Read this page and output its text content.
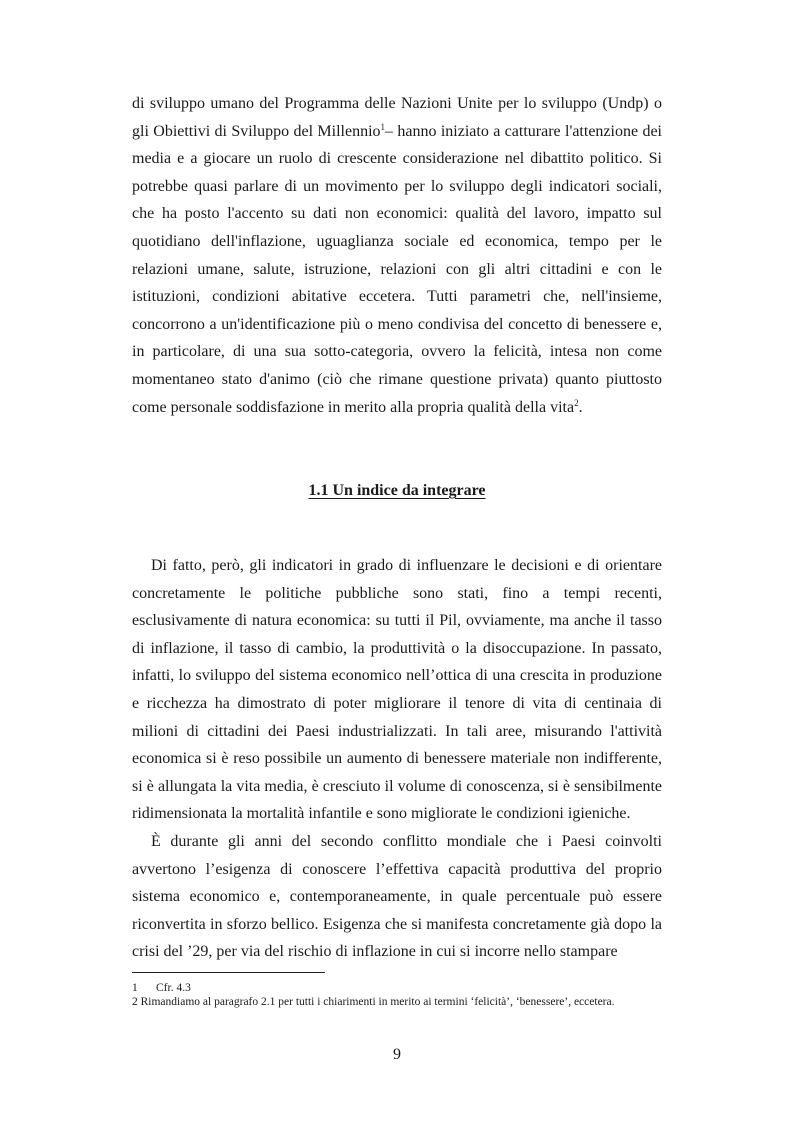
di sviluppo umano del Programma delle Nazioni Unite per lo sviluppo (Undp) o gli Obiettivi di Sviluppo del Millennio$^1$– hanno iniziato a catturare l'attenzione dei media e a giocare un ruolo di crescente considerazione nel dibattito politico. Si potrebbe quasi parlare di un movimento per lo sviluppo degli indicatori sociali, che ha posto l'accento su dati non economici: qualità del lavoro, impatto sul quotidiano dell'inflazione, uguaglianza sociale ed economica, tempo per le relazioni umane, salute, istruzione, relazioni con gli altri cittadini e con le istituzioni, condizioni abitative eccetera. Tutti parametri che, nell'insieme, concorrono a un'identificazione più o meno condivisa del concetto di benessere e, in particolare, di una sua sotto-categoria, ovvero la felicità, intesa non come momentaneo stato d'animo (ciò che rimane questione privata) quanto piuttosto come personale soddisfazione in merito alla propria qualità della vita$^2$.

1.1 Un indice da integrare

Di fatto, però, gli indicatori in grado di influenzare le decisioni e di orientare concretamente le politiche pubbliche sono stati, fino a tempi recenti, esclusivamente di natura economica: su tutti il Pil, ovviamente, ma anche il tasso di inflazione, il tasso di cambio, la produttività o la disoccupazione. In passato, infatti, lo sviluppo del sistema economico nell’ottica di una crescita in produzione e ricchezza ha dimostrato di poter migliorare il tenore di vita di centinaia di milioni di cittadini dei Paesi industrializzati. In tali aree, misurando l'attività economica si è reso possibile un aumento di benessere materiale non indifferente, si è allungata la vita media, è cresciuto il volume di conoscenza, si è sensibilmente ridimensionata la mortalità infantile e sono migliorate le condizioni igieniche.

È durante gli anni del secondo conflitto mondiale che i Paesi coinvolti avvertono l’esigenza di conoscere l’effettiva capacità produttiva del proprio sistema economico e, contemporaneamente, in quale percentuale può essere riconvertita in sforzo bellico. Esigenza che si manifesta concretamente già dopo la crisi del ’29, per via del rischio di inflazione in cui si incorre nello stampare

1 Cfr. 4.3

2 Rimandiamo al paragrafo 2.1 per tutti i chiarimenti in merito ai termini ‘felicità’, ‘benessere’, eccetera.

9
